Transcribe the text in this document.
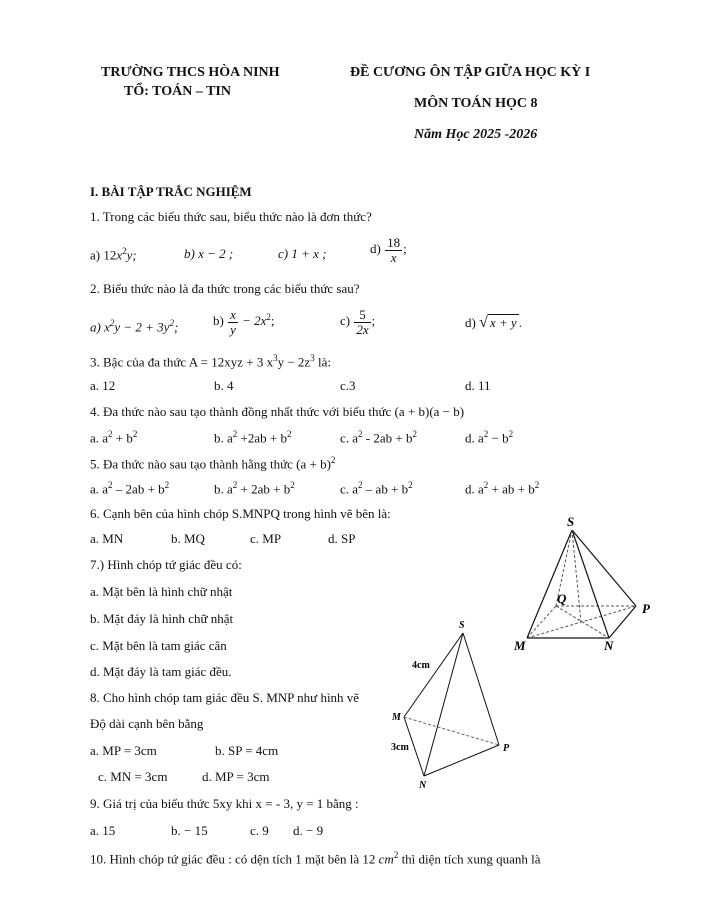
TRƯỜNG THCS HÒA NINH
TỔ: TOÁN – TIN
ĐỀ CƯƠNG ÔN TẬP GIỮA HỌC KỲ I
MÔN TOÁN HỌC 8
Năm Học 2025 -2026
I. BÀI TẬP TRẮC NGHIỆM
1. Trong các biểu thức sau, biểu thức nào là đơn thức?
a) $12x^2y$;	b) x − 2 ;	c) 1 + x ;	$d) \frac{18}{x}$ ;
2. Biểu thức nào là đa thức trong các biểu thức sau?
a) $x^2y - 2 + 3y^2$;	$b) \frac{x}{y} - 2x^2$;	$c) \frac{5}{2x}$ ;	d) √ x + y .
3. Bậc của đa thức A = 12xyz + 3 $x^3y - 2z^3$ là:
a. 12	b. 4	c.3	d. 11
4. Đa thức nào sau tạo thành đồng nhất thức với biểu thức (a + b)(a − b)
a. $a^2 + b^2$	b. $a^2 +2ab + b^2$	c. $a^2 - 2ab + b^2$	d. $a^2 - b^2$
5. Đa thức nào sau tạo thành hằng thức $(a + b)^2$
a. $a^2 - 2ab + b^2$	b. $a^2 + 2ab + b^2$	c. $a^2$ – ab + $b^2$	d. $a^2$ + ab + $b^2$
6. Cạnh bên của hình chóp S.MNPQ trong hình vẽ bên là:
a. MN	b. MQ	c. MP	d. SP
7.) Hình chóp tứ giác đều có:
a. Mặt bên là hình chữ nhật
b. Mặt đáy là hình chữ nhật
c. Mặt bên là tam giác cân
d. Mặt đáy là tam giác đều.
8. Cho hình chóp tam giác đều S. MNP như hình vẽ
Độ dài cạnh bên bằng
a. MP = 3cm	b. SP = 4cm
c. MN = 3cm	d. MP = 3cm
9. Giá trị của biểu thức 5xy khi x = - 3, y = 1 bằng :
a. 15	b. − 15	c. 9 d. − 9
10. Hình chóp tứ giác đều : có dện tích 1 mặt bên là 12 $cm^2$ thì diện tích xung quanh là
S
Q
P
M	N
S
M
P
N
4cm
3cm
